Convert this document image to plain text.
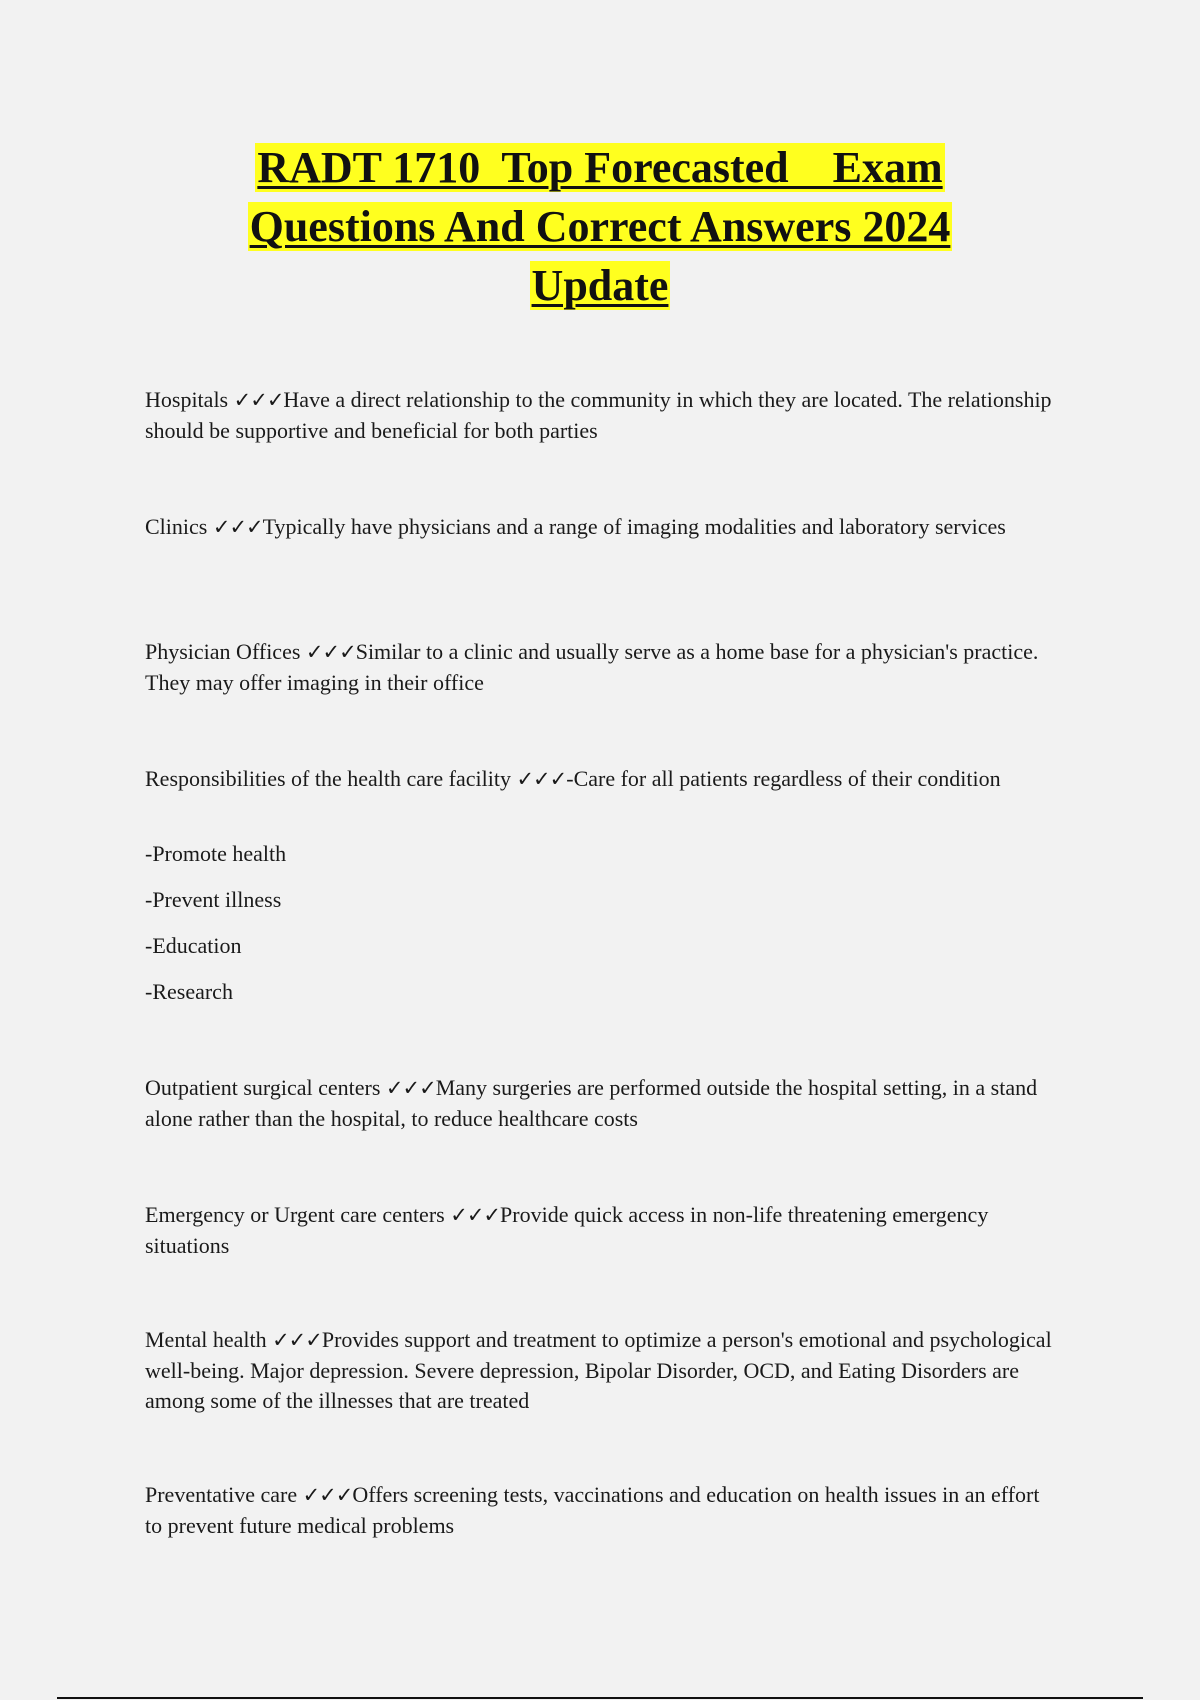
RADT 1710  Top Forecasted    Exam
Questions And Correct Answers 2024
Update

Hospitals ✓✓✓Have a direct relationship to the community in which they are located. The relationship should be supportive and beneficial for both parties

Clinics ✓✓✓Typically have physicians and a range of imaging modalities and laboratory services

Physician Offices ✓✓✓Similar to a clinic and usually serve as a home base for a physician's practice. They may offer imaging in their office

Responsibilities of the health care facility ✓✓✓-Care for all patients regardless of their condition

-Promote health

-Prevent illness

-Education

-Research

Outpatient surgical centers ✓✓✓Many surgeries are performed outside the hospital setting, in a stand alone rather than the hospital, to reduce healthcare costs

Emergency or Urgent care centers ✓✓✓Provide quick access in non-life threatening emergency situations

Mental health ✓✓✓Provides support and treatment to optimize a person's emotional and psychological well-being. Major depression. Severe depression, Bipolar Disorder, OCD, and Eating Disorders are among some of the illnesses that are treated

Preventative care ✓✓✓Offers screening tests, vaccinations and education on health issues in an effort to prevent future medical problems
